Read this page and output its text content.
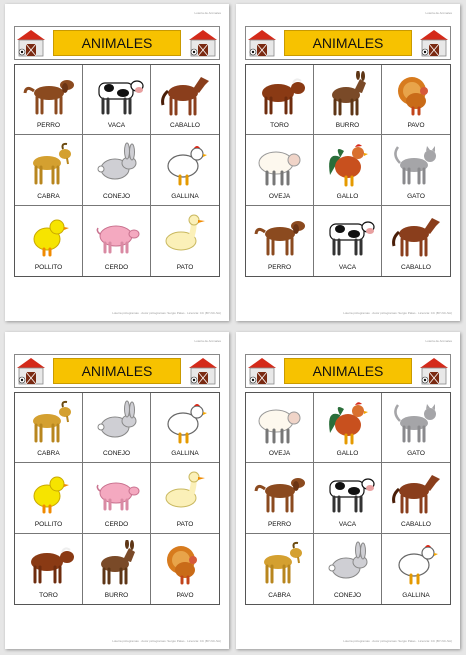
Lotería de Animales
ANIMALES
PERRO	VACA	CABALLO
CABRA	CONEJO	GALLINA
POLLITO	CERDO	PATO
Lotería pictogramas · Autor pictogramas: Sergio Palao · Licencia: CC (BY-NC-SA)
Lotería de Animales
ANIMALES
TORO	BURRO	PAVO
OVEJA	GALLO	GATO
PERRO	VACA	CABALLO
Lotería pictogramas · Autor pictogramas: Sergio Palao · Licencia: CC (BY-NC-SA)
Lotería de Animales
ANIMALES
CABRA	CONEJO	GALLINA
POLLITO	CERDO	PATO
TORO	BURRO	PAVO
Lotería pictogramas · Autor pictogramas: Sergio Palao · Licencia: CC (BY-NC-SA)
Lotería de Animales
ANIMALES
OVEJA	GALLO	GATO
PERRO	VACA	CABALLO
CABRA	CONEJO	GALLINA
Lotería pictogramas · Autor pictogramas: Sergio Palao · Licencia: CC (BY-NC-SA)
